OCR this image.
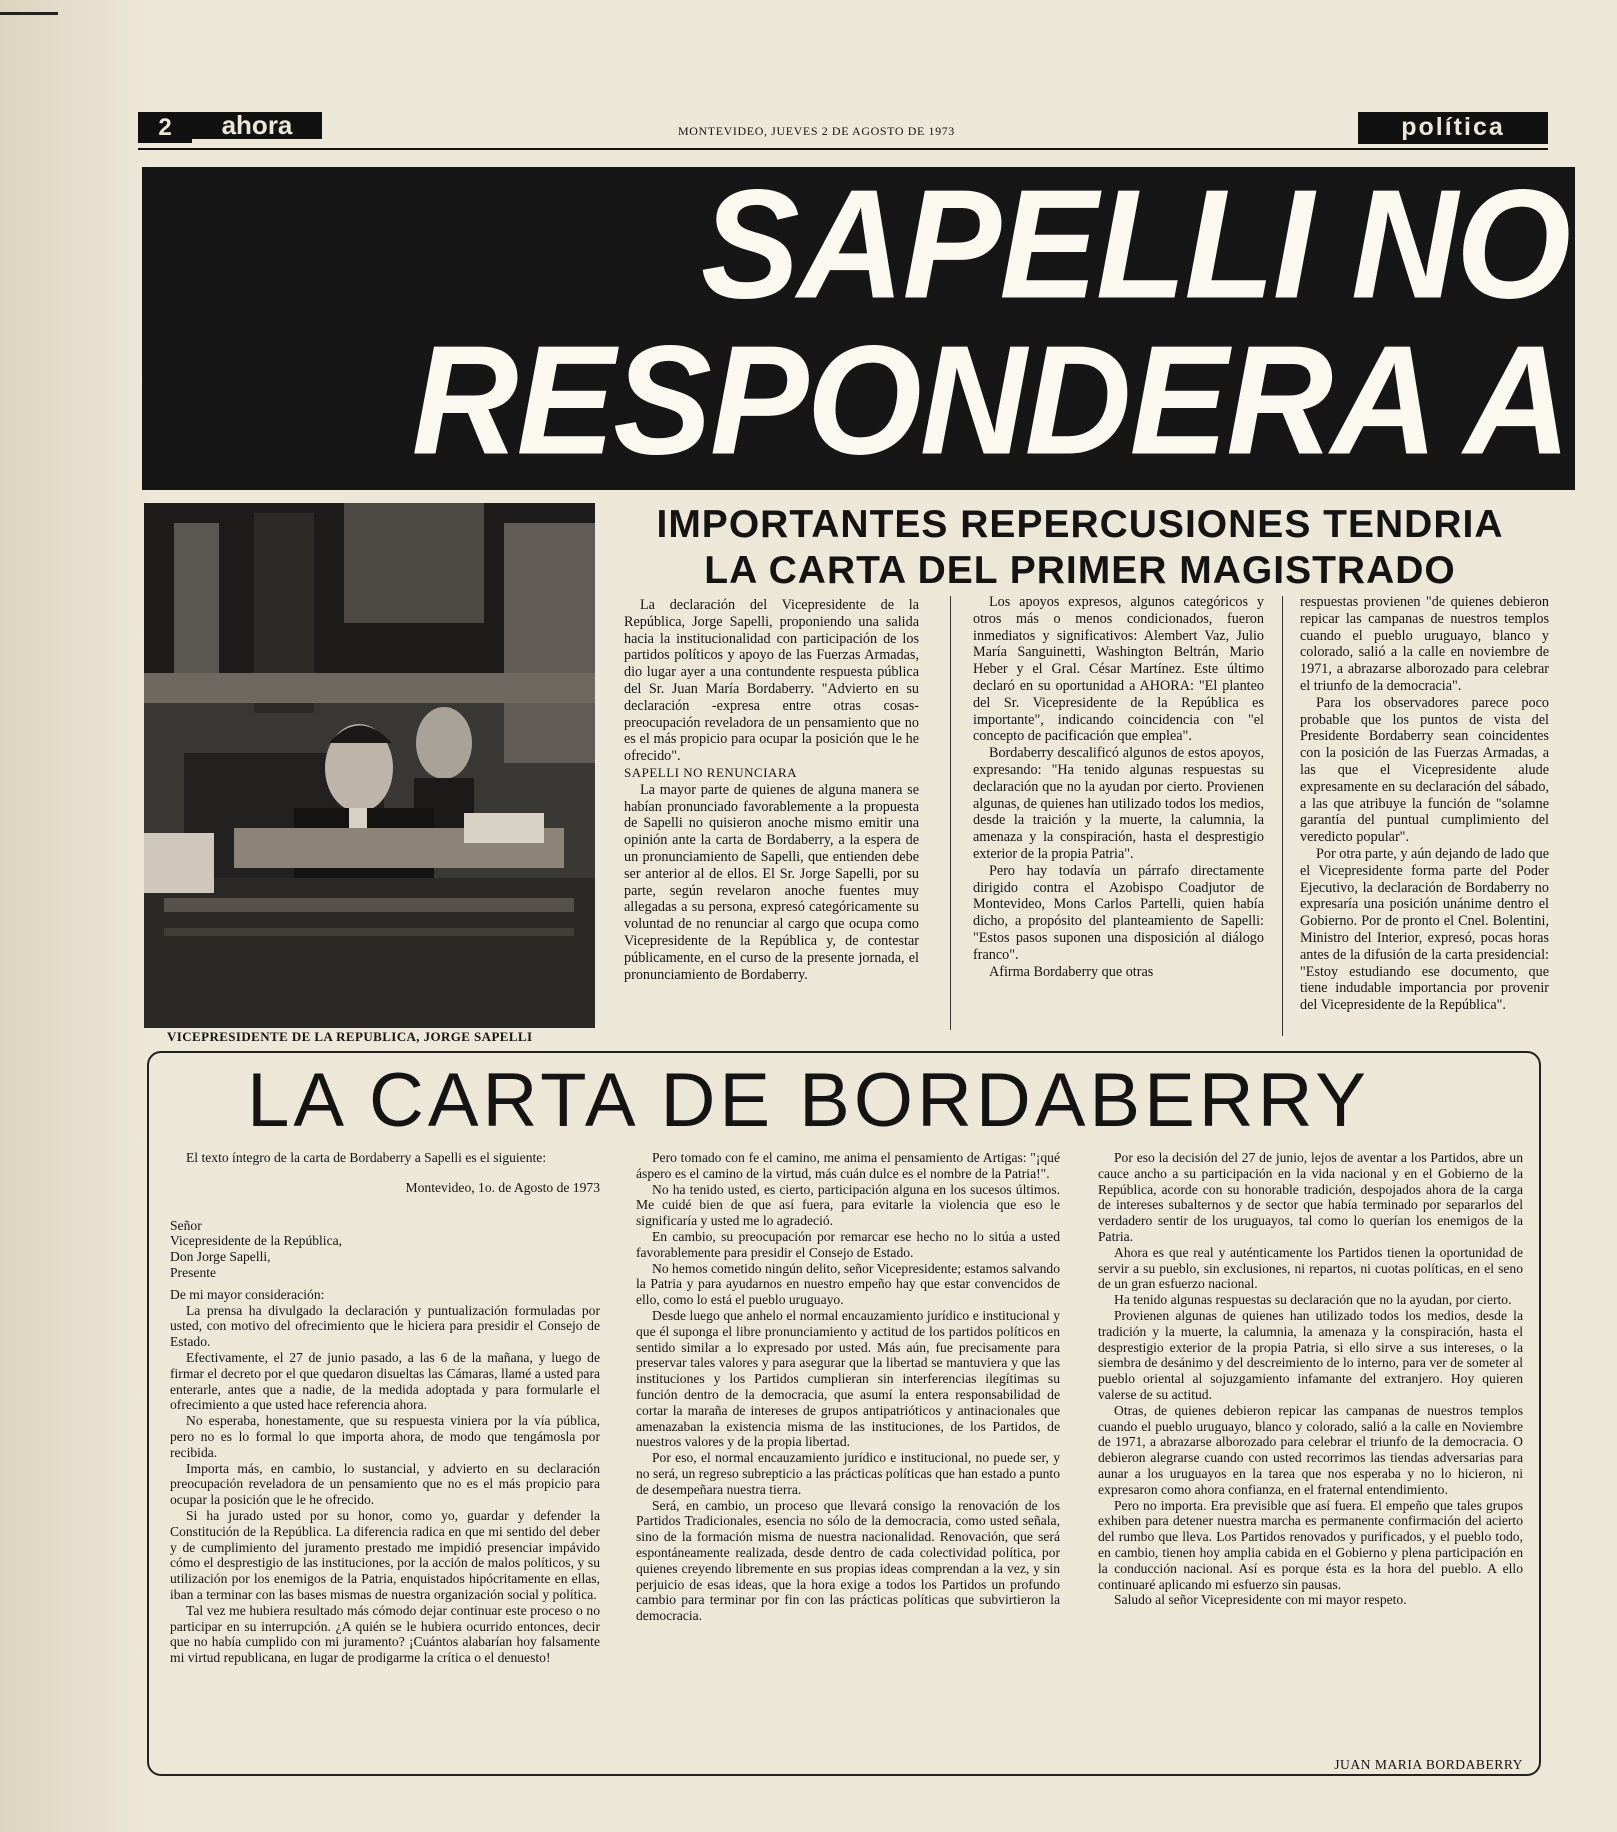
2	ahora	MONTEVIDEO, JUEVES 2 DE AGOSTO DE 1973	política
SAPELLI NO
RESPONDERA A
VICEPRESIDENTE DE LA REPUBLICA, JORGE SAPELLI
IMPORTANTES REPERCUSIONES TENDRIA
LA CARTA DEL PRIMER MAGISTRADO

La declaración del Vicepresidente de la República, Jorge Sapelli, proponiendo una salida hacia la institucionalidad con participación de los partidos políticos y apoyo de las Fuerzas Armadas, dio lugar ayer a una contundente respuesta pública del Sr. Juan María Bordaberry. "Advierto en su declaración -expresa entre otras cosas- preocupación reveladora de un pensamiento que no es el más propicio para ocupar la posición que le he ofrecido".

SAPELLI NO RENUNCIARA

La mayor parte de quienes de alguna manera se habían pronunciado favorablemente a la propuesta de Sapelli no quisieron anoche mismo emitir una opinión ante la carta de Bordaberry, a la espera de un pronunciamiento de Sapelli, que entienden debe ser anterior al de ellos. El Sr. Jorge Sapelli, por su parte, según revelaron anoche fuentes muy allegadas a su persona, expresó categóricamente su voluntad de no renunciar al cargo que ocupa como Vicepresidente de la República y, de contestar públicamente, en el curso de la presente jornada, el pronunciamiento de Bordaberry.

Los apoyos expresos, algunos categóricos y otros más o menos condicionados, fueron inmediatos y significativos: Alembert Vaz, Julio María Sanguinetti, Washington Beltrán, Mario Heber y el Gral. César Martínez. Este último declaró en su oportunidad a AHORA: "El planteo del Sr. Vicepresidente de la República es importante", indicando coincidencia con "el concepto de pacificación que emplea".

Bordaberry descalificó algunos de estos apoyos, expresando: "Ha tenido algunas respuestas su declaración que no la ayudan por cierto. Provienen algunas, de quienes han utilizado todos los medios, desde la traición y la muerte, la calumnia, la amenaza y la conspiración, hasta el desprestigio exterior de la propia Patria".

Pero hay todavía un párrafo directamente dirigido contra el Azobispo Coadjutor de Montevideo, Mons Carlos Partelli, quien había dicho, a propósito del planteamiento de Sapelli: "Estos pasos suponen una disposición al diálogo franco".

Afirma Bordaberry que otras

respuestas provienen "de quienes debieron repicar las campanas de nuestros templos cuando el pueblo uruguayo, blanco y colorado, salió a la calle en noviembre de 1971, a abrazarse alborozado para celebrar el triunfo de la democracia".

Para los observadores parece poco probable que los puntos de vista del Presidente Bordaberry sean coincidentes con la posición de las Fuerzas Armadas, a las que el Vicepresidente alude expresamente en su declaración del sábado, a las que atribuye la función de "solamne garantía del puntual cumplimiento del veredicto popular".

Por otra parte, y aún dejando de lado que el Vicepresidente forma parte del Poder Ejecutivo, la declaración de Bordaberry no expresaría una posición unánime dentro el Gobierno. Por de pronto el Cnel. Bolentini, Ministro del Interior, expresó, pocas horas antes de la difusión de la carta presidencial: "Estoy estudiando ese documento, que tiene indudable importancia por provenir del Vicepresidente de la República".

LA CARTA DE BORDABERRY

El texto íntegro de la carta de Bordaberry a Sapelli es el siguiente:

Montevideo, 1o. de Agosto de 1973

Señor

Vicepresidente de la República,

Don Jorge Sapelli,

Presente

De mi mayor consideración:

La prensa ha divulgado la declaración y puntualización formuladas por usted, con motivo del ofrecimiento que le hiciera para presidir el Consejo de Estado.

Efectivamente, el 27 de junio pasado, a las 6 de la mañana, y luego de firmar el decreto por el que quedaron disueltas las Cámaras, llamé a usted para enterarle, antes que a nadie, de la medida adoptada y para formularle el ofrecimiento a que usted hace referencia ahora.

No esperaba, honestamente, que su respuesta viniera por la vía pública, pero no es lo formal lo que importa ahora, de modo que tengámosla por recibida.

Importa más, en cambio, lo sustancial, y advierto en su declaración preocupación reveladora de un pensamiento que no es el más propicio para ocupar la posición que le he ofrecido.

Si ha jurado usted por su honor, como yo, guardar y defender la Constitución de la República. La diferencia radica en que mi sentido del deber y de cumplimiento del juramento prestado me impidió presenciar impávido cómo el desprestigio de las instituciones, por la acción de malos políticos, y su utilización por los enemigos de la Patria, enquistados hipócritamente en ellas, iban a terminar con las bases mismas de nuestra organización social y política.

Tal vez me hubiera resultado más cómodo dejar continuar este proceso o no participar en su interrupción. ¿A quién se le hubiera ocurrido entonces, decir que no había cumplido con mi juramento? ¡Cuántos alabarían hoy falsamente mi virtud republicana, en lugar de prodigarme la crítica o el denuesto!

Pero tomado con fe el camino, me anima el pensamiento de Artigas: "¡qué áspero es el camino de la virtud, más cuán dulce es el nombre de la Patria!".

No ha tenido usted, es cierto, participación alguna en los sucesos últimos. Me cuidé bien de que así fuera, para evitarle la violencia que eso le significaría y usted me lo agradeció.

En cambio, su preocupación por remarcar ese hecho no lo sitúa a usted favorablemente para presidir el Consejo de Estado.

No hemos cometido ningún delito, señor Vicepresidente; estamos salvando la Patria y para ayudarnos en nuestro empeño hay que estar convencidos de ello, como lo está el pueblo uruguayo.

Desde luego que anhelo el normal encauzamiento jurídico e institucional y que él suponga el libre pronunciamiento y actitud de los partidos políticos en sentido similar a lo expresado por usted. Más aún, fue precisamente para preservar tales valores y para asegurar que la libertad se mantuviera y que las instituciones y los Partidos cumplieran sin interferencias ilegítimas su función dentro de la democracia, que asumí la entera responsabilidad de cortar la maraña de intereses de grupos antipatrióticos y antinacionales que amenazaban la existencia misma de las instituciones, de los Partidos, de nuestros valores y de la propia libertad.

Por eso, el normal encauzamiento jurídico e institucional, no puede ser, y no será, un regreso subrepticio a las prácticas políticas que han estado a punto de desempeñara nuestra tierra.

Será, en cambio, un proceso que llevará consigo la renovación de los Partidos Tradicionales, esencia no sólo de la democracia, como usted señala, sino de la formación misma de nuestra nacionalidad. Renovación, que será espontáneamente realizada, desde dentro de cada colectividad política, por quienes creyendo libremente en sus propias ideas comprendan a la vez, y sin perjuicio de esas ideas, que la hora exige a todos los Partidos un profundo cambio para terminar por fin con las prácticas políticas que subvirtieron la democracia.

Por eso la decisión del 27 de junio, lejos de aventar a los Partidos, abre un cauce ancho a su participación en la vida nacional y en el Gobierno de la República, acorde con su honorable tradición, despojados ahora de la carga de intereses subalternos y de sector que había terminado por separarlos del verdadero sentir de los uruguayos, tal como lo querían los enemigos de la Patria.

Ahora es que real y auténticamente los Partidos tienen la oportunidad de servir a su pueblo, sin exclusiones, ni repartos, ni cuotas políticas, en el seno de un gran esfuerzo nacional.

Ha tenido algunas respuestas su declaración que no la ayudan, por cierto.

Provienen algunas de quienes han utilizado todos los medios, desde la tradición y la muerte, la calumnia, la amenaza y la conspiración, hasta el desprestigio exterior de la propia Patria, si ello sirve a sus intereses, o la siembra de desánimo y del descreimiento de lo interno, para ver de someter al pueblo oriental al sojuzgamiento infamante del extranjero. Hoy quieren valerse de su actitud.

Otras, de quienes debieron repicar las campanas de nuestros templos cuando el pueblo uruguayo, blanco y colorado, salió a la calle en Noviembre de 1971, a abrazarse alborozado para celebrar el triunfo de la democracia. O debieron alegrarse cuando con usted recorrimos las tiendas adversarias para aunar a los uruguayos en la tarea que nos esperaba y no lo hicieron, ni expresaron como ahora confianza, en el fraternal entendimiento.

Pero no importa. Era previsible que así fuera. El empeño que tales grupos exhiben para detener nuestra marcha es permanente confirmación del acierto del rumbo que lleva. Los Partidos renovados y purificados, y el pueblo todo, en cambio, tienen hoy amplia cabida en el Gobierno y plena participación en la conducción nacional. Así es porque ésta es la hora del pueblo. A ello continuaré aplicando mi esfuerzo sin pausas.

Saludo al señor Vicepresidente con mi mayor respeto.

JUAN MARIA BORDABERRY
